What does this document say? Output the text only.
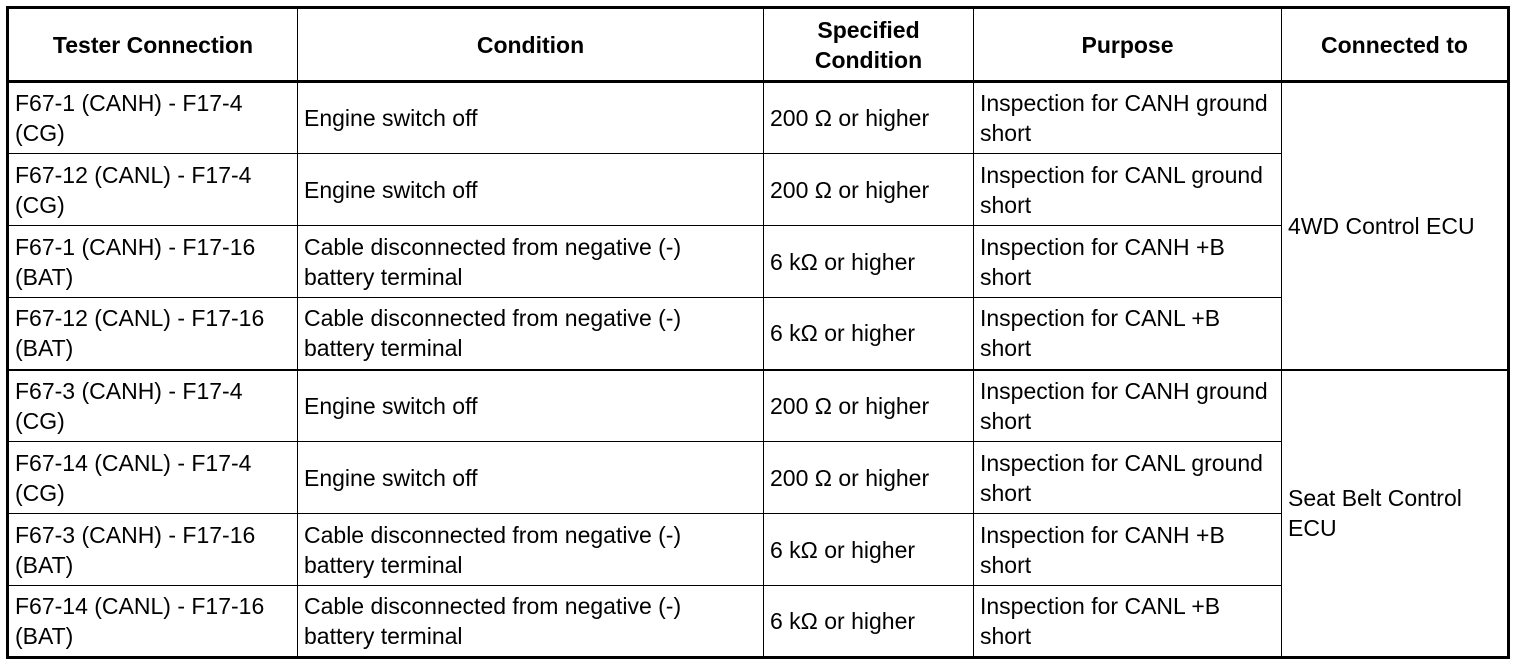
Tester Connection	Condition	Specified Condition	Purpose	Connected to
F67-1 (CANH) - F17-4 (CG)	Engine switch off	200 Ω or higher	Inspection for CANH ground short	4WD Control ECU
F67-12 (CANL) - F17-4 (CG)	Engine switch off	200 Ω or higher	Inspection for CANL ground short	
F67-1 (CANH) - F17-16 (BAT)	Cable disconnected from negative (-) battery terminal	6 kΩ or higher	Inspection for CANH +B short	
F67-12 (CANL) - F17-16 (BAT)	Cable disconnected from negative (-) battery terminal	6 kΩ or higher	Inspection for CANL +B short	
F67-3 (CANH) - F17-4 (CG)	Engine switch off	200 Ω or higher	Inspection for CANH ground short	Seat Belt Control ECU
F67-14 (CANL) - F17-4 (CG)	Engine switch off	200 Ω or higher	Inspection for CANL ground short	
F67-3 (CANH) - F17-16 (BAT)	Cable disconnected from negative (-) battery terminal	6 kΩ or higher	Inspection for CANH +B short	
F67-14 (CANL) - F17-16 (BAT)	Cable disconnected from negative (-) battery terminal	6 kΩ or higher	Inspection for CANL +B short	
